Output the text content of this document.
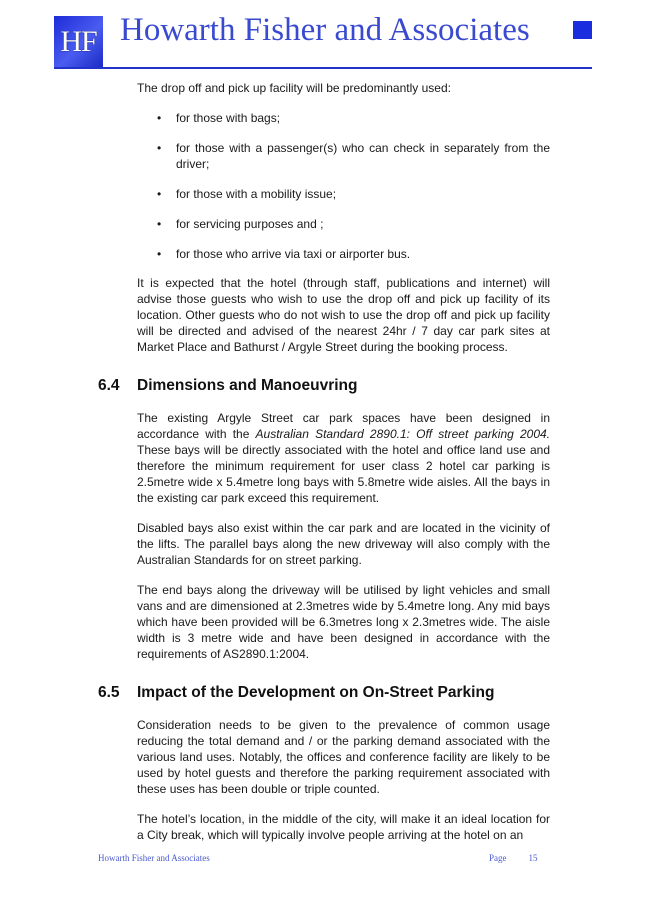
HF Howarth Fisher and Associates

The drop off and pick up facility will be predominantly used:

• for those with bags;
• for those with a passenger(s) who can check in separately from the driver;
• for those with a mobility issue;
• for servicing purposes and ;
• for those who arrive via taxi or airporter bus.

It is expected that the hotel (through staff, publications and internet) will advise those guests who wish to use the drop off and pick up facility of its location. Other guests who do not wish to use the drop off and pick up facility will be directed and advised of the nearest 24hr / 7 day car park sites at Market Place and Bathurst / Argyle Street during the booking process.

6.4 Dimensions and Manoeuvring

The existing Argyle Street car park spaces have been designed in accordance with the Australian Standard 2890.1: Off street parking 2004. These bays will be directly associated with the hotel and office land use and therefore the minimum requirement for user class 2 hotel car parking is 2.5metre wide x 5.4metre long bays with 5.8metre wide aisles. All the bays in the existing car park exceed this requirement.

Disabled bays also exist within the car park and are located in the vicinity of the lifts. The parallel bays along the new driveway will also comply with the Australian Standards for on street parking.

The end bays along the driveway will be utilised by light vehicles and small vans and are dimensioned at 2.3metres wide by 5.4metre long. Any mid bays which have been provided will be 6.3metres long x 2.3metres wide. The aisle width is 3 metre wide and have been designed in accordance with the requirements of AS2890.1:2004.

6.5 Impact of the Development on On-Street Parking

Consideration needs to be given to the prevalence of common usage reducing the total demand and / or the parking demand associated with the various land uses. Notably, the offices and conference facility are likely to be used by hotel guests and therefore the parking requirement associated with these uses has been double or triple counted.

The hotel’s location, in the middle of the city, will make it an ideal location for a City break, which will typically involve people arriving at the hotel on an

Howarth Fisher and Associates	Page 15
